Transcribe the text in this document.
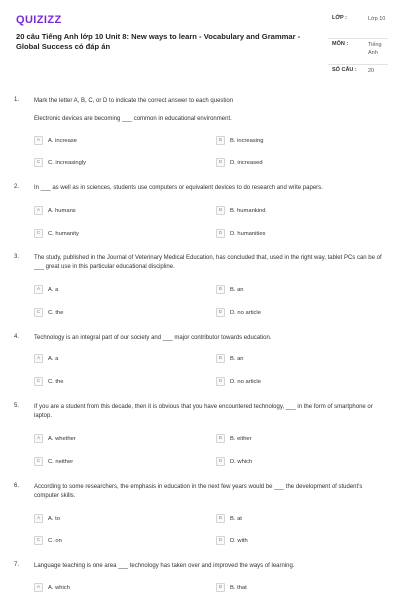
QUIZIZZ
20 câu Tiếng Anh lớp 10 Unit 8: New ways to learn - Vocabulary and Grammar - Global Success có đáp án
LỚP :	Lớp 10
MÔN :	Tiếng Anh
SỐ CÂU : 20
1. Mark the letter A, B, C, or D to indicate the correct answer to each question
Electronic devices are becoming ___ common in educational environment.
A	A. increase	B	B. increasing
C	C. increasingly	D	D. increased
2. In ___ as well as in sciences, students use computers or equivalent devices to do research and write papers.
A	A. humans	B	B. humankind
C	C. humanity	D	D. humanities
3. The study, published in the Journal of Veterinary Medical Education, has concluded that, used in the right way, tablet PCs can be of ___ great use in this particular educational discipline.
A	A. a	B	B. an
C	C. the	D	D. no article
4. Technology is an integral part of our society and ___ major contributor towards education.
A	A. a	B	B. an
C	C. the	D	D. no article
5. If you are a student from this decade, then it is obvious that you have encountered technology, ___ in the form of smartphone or laptop.
A	A. whether	B	B. either
C	C. neither	D	D. which
6. According to some researchers, the emphasis in education in the next few years would be ___ the development of student's computer skills.
A	A. to	B	B. at
C	C. on	D	D. with
7. Language teaching is one area ___ technology has taken over and improved the ways of learning.
A	A. which	B	B. that
